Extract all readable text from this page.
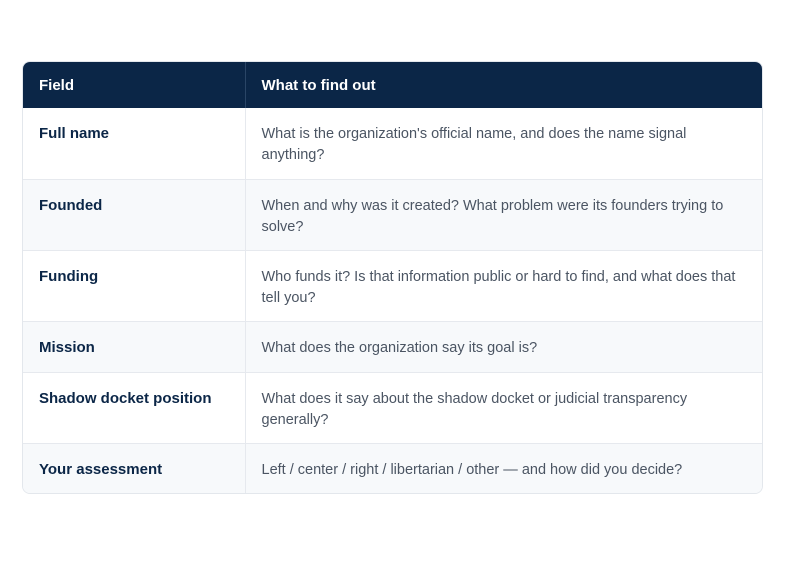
Field	What to find out
Full name	What is the organization's official name, and does the name signal anything?
Founded	When and why was it created? What problem were its founders trying to solve?
Funding	Who funds it? Is that information public or hard to find, and what does that tell you?
Mission	What does the organization say its goal is?
Shadow docket position	What does it say about the shadow docket or judicial transparency generally?
Your assessment	Left / center / right / libertarian / other — and how did you decide?
